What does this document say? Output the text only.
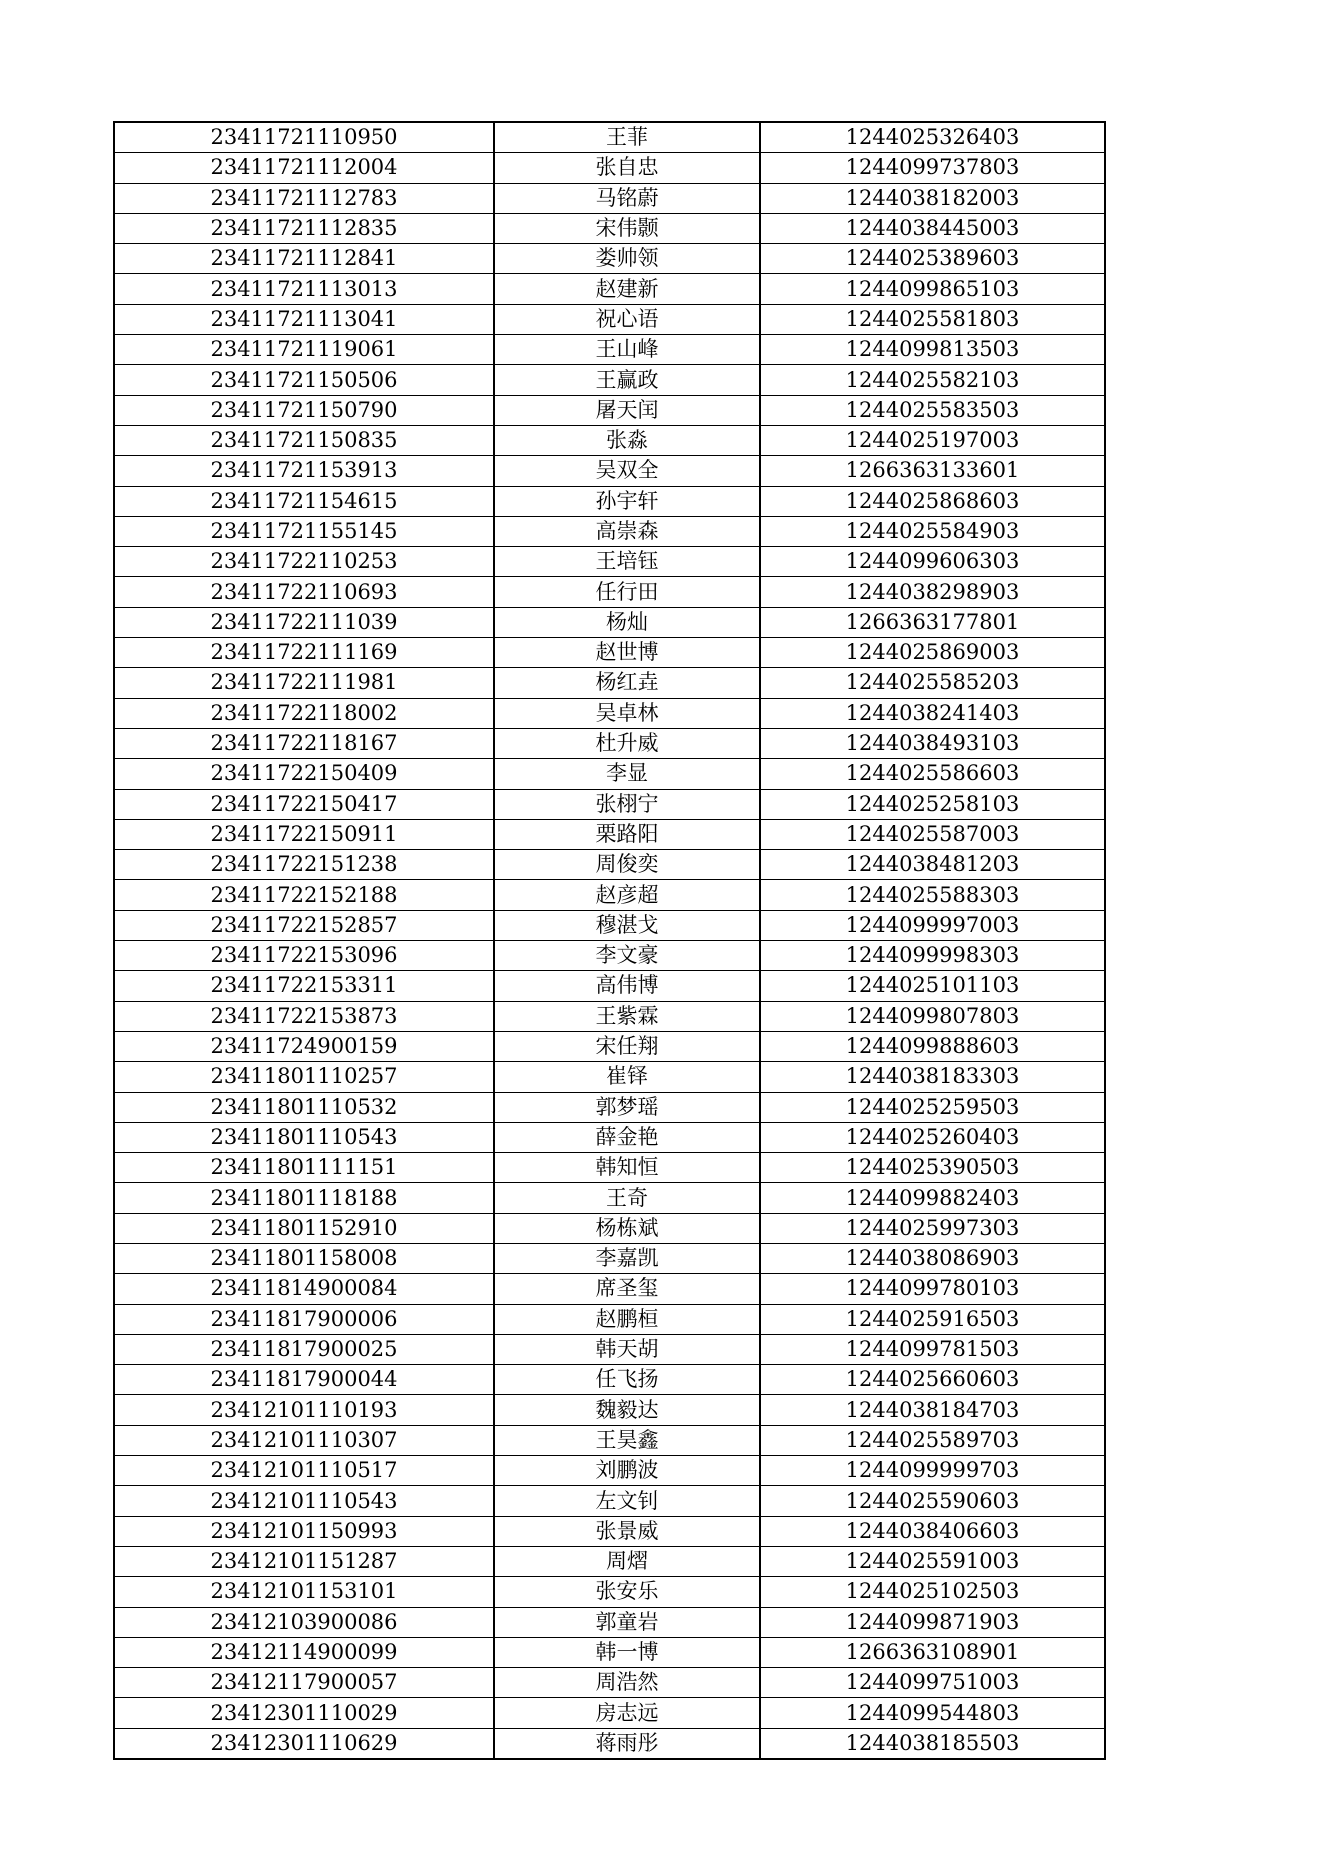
23411721110950	王菲	1244025326403
23411721112004	张自忠	1244099737803
23411721112783	马铭蔚	1244038182003
23411721112835	宋伟颢	1244038445003
23411721112841	娄帅领	1244025389603
23411721113013	赵建新	1244099865103
23411721113041	祝心语	1244025581803
23411721119061	王山峰	1244099813503
23411721150506	王赢政	1244025582103
23411721150790	屠天闰	1244025583503
23411721150835	张淼	1244025197003
23411721153913	吴双全	1266363133601
23411721154615	孙宇轩	1244025868603
23411721155145	高崇森	1244025584903
23411722110253	王培钰	1244099606303
23411722110693	任行田	1244038298903
23411722111039	杨灿	1266363177801
23411722111169	赵世博	1244025869003
23411722111981	杨红垚	1244025585203
23411722118002	吴卓林	1244038241403
23411722118167	杜升威	1244038493103
23411722150409	李显	1244025586603
23411722150417	张栩宁	1244025258103
23411722150911	栗路阳	1244025587003
23411722151238	周俊奕	1244038481203
23411722152188	赵彦超	1244025588303
23411722152857	穆湛戈	1244099997003
23411722153096	李文豪	1244099998303
23411722153311	高伟博	1244025101103
23411722153873	王紫霖	1244099807803
23411724900159	宋任翔	1244099888603
23411801110257	崔铎	1244038183303
23411801110532	郭梦瑶	1244025259503
23411801110543	薛金艳	1244025260403
23411801111151	韩知恒	1244025390503
23411801118188	王奇	1244099882403
23411801152910	杨栋斌	1244025997303
23411801158008	李嘉凯	1244038086903
23411814900084	席圣玺	1244099780103
23411817900006	赵鹏桓	1244025916503
23411817900025	韩天胡	1244099781503
23411817900044	任飞扬	1244025660603
23412101110193	魏毅达	1244038184703
23412101110307	王昊鑫	1244025589703
23412101110517	刘鹏波	1244099999703
23412101110543	左文钊	1244025590603
23412101150993	张景威	1244038406603
23412101151287	周熠	1244025591003
23412101153101	张安乐	1244025102503
23412103900086	郭童岩	1244099871903
23412114900099	韩一博	1266363108901
23412117900057	周浩然	1244099751003
23412301110029	房志远	1244099544803
23412301110629	蒋雨彤	1244038185503
